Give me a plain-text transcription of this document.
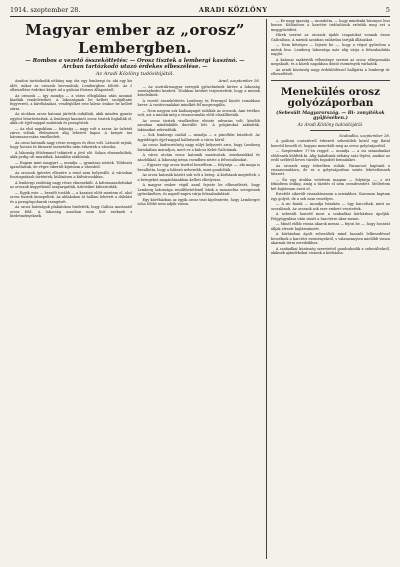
1914. szeptember 28.	ARADI KÖZLÖNY	5
Magyar ember az „orosz” Lembergben.
— Rombos a vezető összeköttetés: — Orosz tisztek a lembergi kaszinó. — Arcban tartózkodó utazó érdekes elbeszélése. —
Az Aradi Közlöny tudósítójától.

Aradon tartózkodik néhány nap óta egy lembergi úr, aki egy kis időt, mikor az oroszok bevonultak, Lembergben töltött. Az ő elbeszélése érdekes képet ad a galíciai főváros állapotáról.

Az oroszok — így mondja — a város elfoglalása után azonnal kiadták rendeleteiket. A lakosságnak be kellett szolgáltatni fegyvereit, a kávéházakat, vendéglőket este kilenc órakor be kellett zárni.

Az utcákon orosz katonai járőrök cirkáltak, akik minden gyanús egyént letartóztattak. A lembergi kaszinót orosz tisztek foglalták el, akik ott éjjel-nappal mulattak és pezsgőztek.

— Az első napokban — folytatja — nagy volt a zavar. Az üzletek zárva voltak, élelmiszert alig lehetett kapni. A kenyér ára háromszorosára emelkedett.

Az orosz katonák nagy része rongyos és éhes volt. Látszott rajtuk, hogy hosszú és fárasztó menetelés után érkeztek a városba.

A lakosság félelemmel tekintett a jövő elé. Sokan elmenekültek, akik pedig ott maradtak, házaikba zárkóztak.

— Engem mint magyart — mondja — gyanúsan néztek. Többször igazoltattak, de végre sikerült kijutnom a városból.

Az oroszok ígéretei ellenére a rend nem helyreállt. A városban fosztogatások történtek, különösen a külvárosokban.

A lembergi zsidóság nagy része elmenekült. A hátramaradottakat az oroszok kegyetlenül sanyargatták, üzleteiket kifosztották.

— Egyik este — beszéli tovább — a kaszinó előtt mentem el, ahol orosz tisztek ünnepeltek. Az ablakokon át hallani lehetett a dalolást és a pezsgőspoharak csengését.

Az orosz hatóságok plakátokon hirdették, hogy Galícia mostantól orosz föld. A lakosság azonban nem hitt ezeknek a hirdetményeknek.

Arad, szeptember 28.

— Az osztrák-magyar seregek győzelmének hírére a lakosság reménykedni kezdett. Titokban híreket terjesztettek, hogy a mieink közelednek.

A vezető összeköttetés Lemberg és Przemysl között romokban hever. A vasútvonalakat mindkét fél megrongálta.

— Nem nagyon sok hadianyagot találtak az oroszok. Ami értékes volt, azt a mieink még a visszavonulás előtt elszállították.

Az orosz tisztek viselkedése eleinte udvarias volt, később azonban mindinkább durvább lett. A polgárokat zaklatták, lakásaikat rekvirálták.

— Sok lembergi család — mondja — a pincékbe húzódott. Az ágyúdörgés éjjel-nappal hallatszott a város körül.

Az orosz hadvezetőség nagy súlyt helyezett arra, hogy Lemberg birtokában maradjon, mert ez a kulcsa Kelet-Galíciának.

A város utcáin orosz katonák masíroztak, zenekarokkal és zászlókkal. A lakosság néma csendben nézte a felvonulásokat.

— Egyszer egy orosz tiszttel beszéltem — folytatja —, aki maga is bevallotta, hogy a háború nehezebb, mint gondolták.

Az orosz katonák között sok volt a beteg. A kórházak megteltek, s a betegeket magánházakban kellett elhelyezni.

A magyar ember végül azzal fejezte be elbeszélését, hogy Lemberg lakossága rendíthetetlenül bízik a monarchia seregeinek győzelmében, és napról-napra várja felszabadulását.

Egy kávéházban az egyik orosz tiszt kijelentette, hogy Lemberget soha többé nem adják vissza.

— Ez nagy igazság — mondotta, — hogy mindenki bizonyos lesz benne. Különösen a harctéri tudósítások erősítik meg ezt a meggyőződést.

Hírek szerint az oroszok újabb csapatokat vonnak össze Galíciában. A mieink azonban szilárdan tartják állásaikat.

— Nem kétséges — fejezte be —, hogy a végső győzelem a miénk lesz. Lemberg lakossága már alig várja a felszabadulás napját.

A katonai szakértők véleménye szerint az orosz előnyomulás megakadt, és a közeli napokban döntő események várhatók.

Az aradi közönség nagy érdeklődéssel hallgatta a lembergi úr elbeszélését.

Menekülés orosz golyózáporban
(Sebesült Magyarország. — Bi- zonyítékok gyűjtésében.)
Az Aradi Közlöny tudósítójától.
Szabadka, szeptember 28.

A galíciai csatatérről érkezett sebesültek közül egy fiatal honvéd beszéli el, hogyan menekült meg az orosz golyózáporból.

— Szeptember 17-én reggel — mondja — a mi századunkat előőrsnek küldték ki. Alig haladtunk néhány száz lépést, amikor az erdő széléről heves tüzelés fogadott bennünket.

Az oroszok nagy túlerőben voltak. Parancsot kaptunk a visszavonulásra, de ez a golyózáporban szinte lehetetlennek látszott.

— Én egy árokba vetettem magam — folytatja —, s ott feküdtem órákig, amíg a tüzelés el nem csendesedett. Mellettem két bajtársam esett el.

Estefelé sikerült visszakúsznom a mieinkhez. Karomon kaptam egy golyót, de a seb nem veszélyes.

— A mi fiaink — mondja büszkén — úgy harcoltak, mint az oroszlánok. Az oroszok sok ezer embert vesztettek.

A sebesült honvéd most a szabadkai kórházban ápolják. Felgyógyulása után ismét a harctérre akar menni.

— Minél előbb vissza akarok menni — fejezi be —, hogy bosszút álljak elesett bajtársaimért.

A kórházban ápolt sebesültek mind hasonló lelkesedéssel beszélnek a harctéri eseményekről, s valamennyien mielőbb vissza akarnak térni ezredeikhez.

A szabadkai közönség szeretettel gondoskodik a sebesültekről, akiknek ajándékokat visznek a kórházba.
